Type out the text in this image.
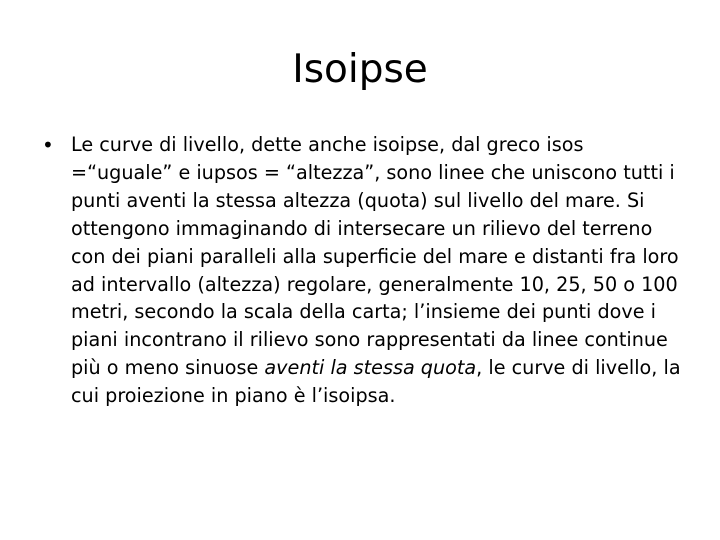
Isoipse
• Le curve di livello, dette anche isoipse, dal greco isos =“uguale” e iupsos = “altezza”, sono linee che uniscono tutti i punti aventi la stessa altezza (quota) sul livello del mare. Si ottengono immaginando di intersecare un rilievo del terreno con dei piani paralleli alla superficie del mare e distanti fra loro ad intervallo (altezza) regolare, generalmente 10, 25, 50 o 100 metri, secondo la scala della carta; l’insieme dei punti dove i piani incontrano il rilievo sono rappresentati da linee continue più o meno sinuose aventi la stessa quota, le curve di livello, la cui proiezione in piano è l’isoipsa.
